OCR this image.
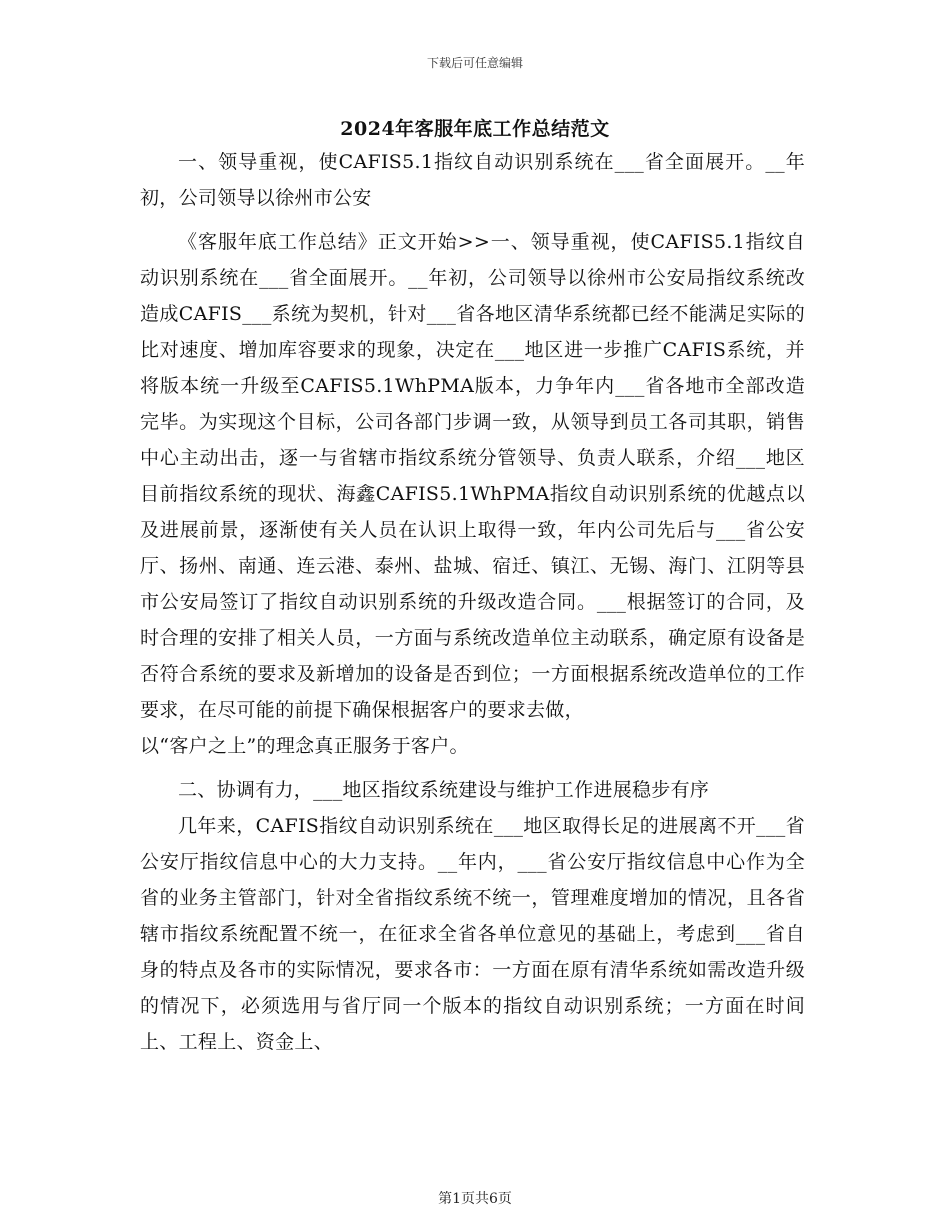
下载后可任意编辑
2024年客服年底工作总结范文

一、领导重视，使CAFIS5.1指纹自动识别系统在___省全面展开。__年初，公司领导以徐州市公安

《客服年底工作总结》正文开始>>一、领导重视，使CAFIS5.1指纹自动识别系统在___省全面展开。__年初，公司领导以徐州市公安局指纹系统改造成CAFIS___系统为契机，针对___省各地区清华系统都已经不能满足实际的比对速度、增加库容要求的现象，决定在___地区进一步推广CAFIS系统，并将版本统一升级至CAFIS5.1WhPMA版本，力争年内___省各地市全部改造完毕。为实现这个目标，公司各部门步调一致，从领导到员工各司其职，销售中心主动出击，逐一与省辖市指纹系统分管领导、负责人联系，介绍___地区目前指纹系统的现状、海鑫CAFIS5.1WhPMA指纹自动识别系统的优越点以及进展前景，逐渐使有关人员在认识上取得一致，年内公司先后与___省公安厅、扬州、南通、连云港、泰州、盐城、宿迁、镇江、无锡、海门、江阴等县市公安局签订了指纹自动识别系统的升级改造合同。___根据签订的合同，及时合理的安排了相关人员，一方面与系统改造单位主动联系，确定原有设备是否符合系统的要求及新增加的设备是否到位；一方面根据系统改造单位的工作要求，在尽可能的前提下确保根据客户的要求去做，

以“客户之上”的理念真正服务于客户。

二、协调有力，___地区指纹系统建设与维护工作进展稳步有序

几年来，CAFIS指纹自动识别系统在___地区取得长足的进展离不开___省公安厅指纹信息中心的大力支持。__年内，___省公安厅指纹信息中心作为全省的业务主管部门，针对全省指纹系统不统一，管理难度增加的情况，且各省辖市指纹系统配置不统一，在征求全省各单位意见的基础上，考虑到___省自身的特点及各市的实际情况，要求各市：一方面在原有清华系统如需改造升级的情况下，必须选用与省厅同一个版本的指纹自动识别系统；一方面在时间上、工程上、资金上、

第1页共6页
